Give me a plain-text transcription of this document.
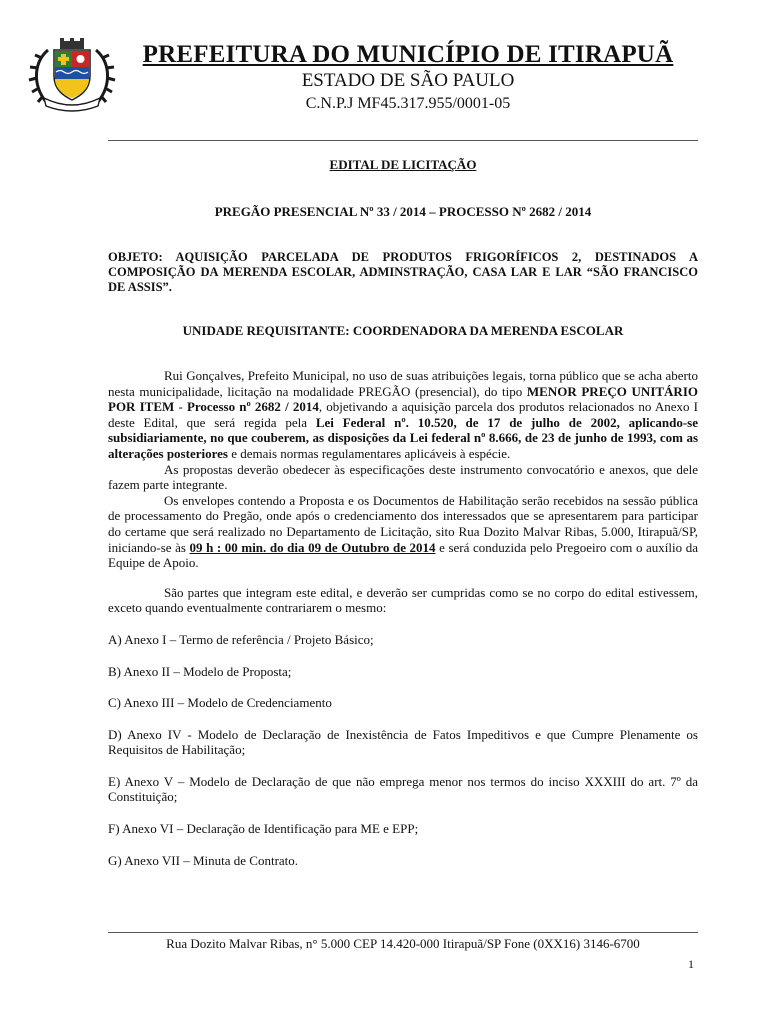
PREFEITURA DO MUNICÍPIO DE ITIRAPUÃ
ESTADO DE SÃO PAULO
C.N.P.J MF45.317.955/0001-05
EDITAL DE LICITAÇÃO
PREGÃO PRESENCIAL Nº 33 / 2014 – PROCESSO Nº 2682 / 2014
OBJETO: AQUISIÇÃO PARCELADA DE PRODUTOS FRIGORÍFICOS 2, DESTINADOS A COMPOSIÇÃO DA MERENDA ESCOLAR, ADMINSTRAÇÃO, CASA LAR E LAR “SÃO FRANCISCO DE ASSIS”.
UNIDADE REQUISITANTE: COORDENADORA DA MERENDA ESCOLAR

Rui Gonçalves, Prefeito Municipal, no uso de suas atribuições legais, torna público que se acha aberto nesta municipalidade, licitação na modalidade PREGÃO (presencial), do tipo MENOR PREÇO UNITÁRIO POR ITEM - Processo nº 2682 / 2014, objetivando a aquisição parcela dos produtos relacionados no Anexo I deste Edital, que será regida pela Lei Federal nº. 10.520, de 17 de julho de 2002, aplicando-se subsidiariamente, no que couberem, as disposições da Lei federal nº 8.666, de 23 de junho de 1993, com as alterações posteriores e demais normas regulamentares aplicáveis à espécie.

As propostas deverão obedecer às especificações deste instrumento convocatório e anexos, que dele fazem parte integrante.

Os envelopes contendo a Proposta e os Documentos de Habilitação serão recebidos na sessão pública de processamento do Pregão, onde após o credenciamento dos interessados que se apresentarem para participar do certame que será realizado no Departamento de Licitação, sito Rua Dozito Malvar Ribas, 5.000, Itirapuã/SP, iniciando-se às 09 h : 00 min. do dia 09 de Outubro de 2014 e será conduzida pelo Pregoeiro com o auxílio da Equipe de Apoio.

São partes que integram este edital, e deverão ser cumpridas como se no corpo do edital estivessem, exceto quando eventualmente contrariarem o mesmo:

A) Anexo I – Termo de referência / Projeto Básico;

B) Anexo II – Modelo de Proposta;

C) Anexo III – Modelo de Credenciamento

D) Anexo IV - Modelo de Declaração de Inexistência de Fatos Impeditivos e que Cumpre Plenamente os Requisitos de Habilitação;

E) Anexo V – Modelo de Declaração de que não emprega menor nos termos do inciso XXXIII do art. 7º da Constituição;

F) Anexo VI – Declaração de Identificação para ME e EPP;

G) Anexo VII – Minuta de Contrato.

Rua Dozito Malvar Ribas, n° 5.000 CEP 14.420-000 Itirapuã/SP Fone (0XX16) 3146-6700
1
